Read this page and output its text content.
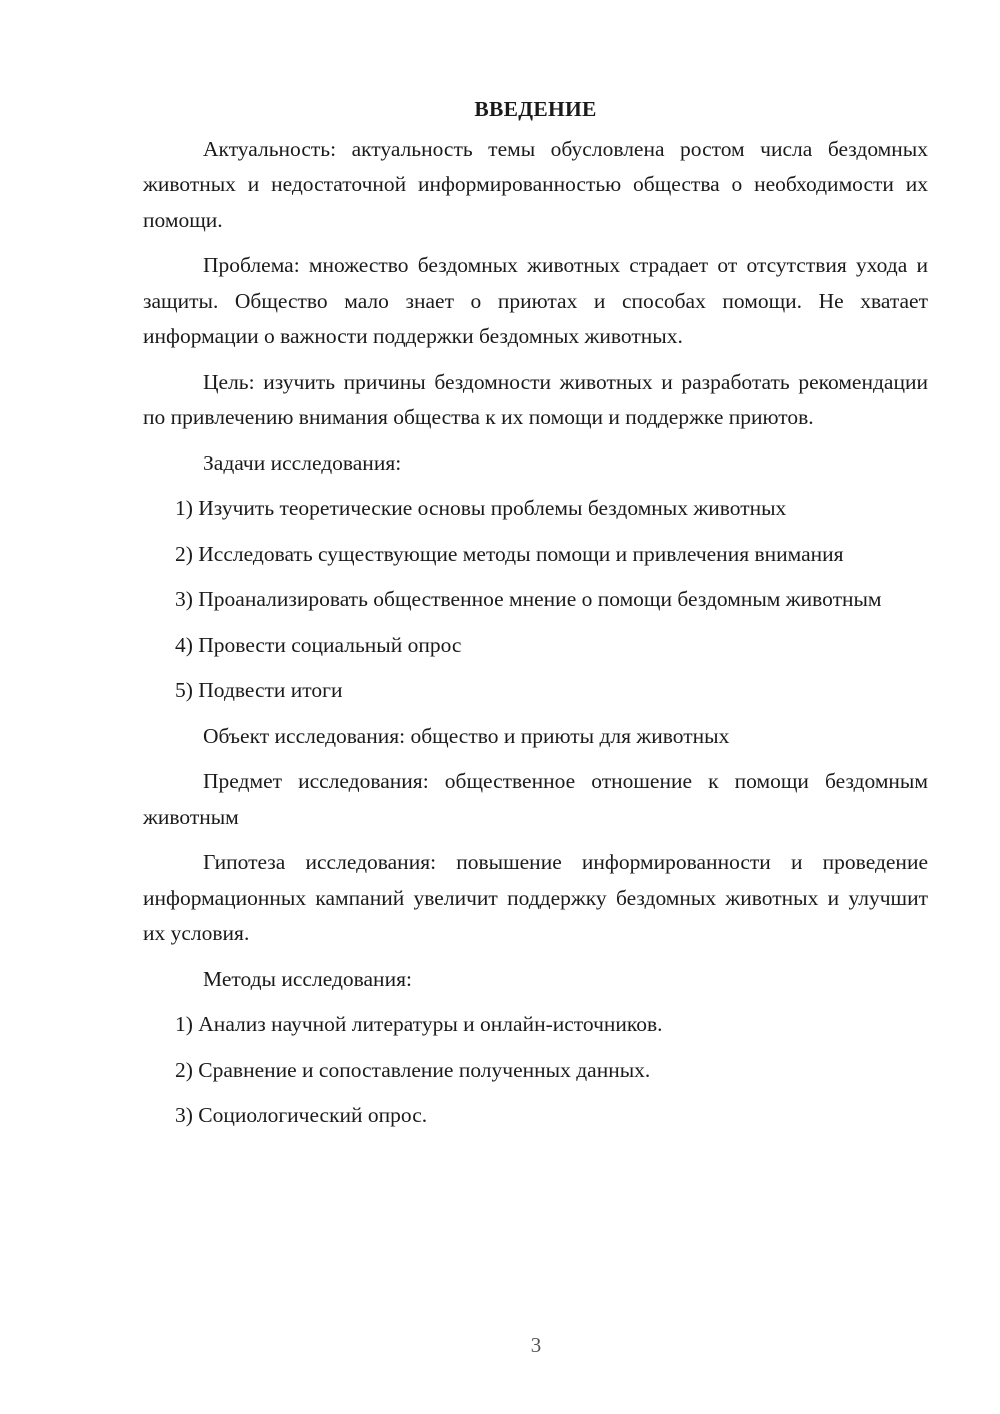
ВВЕДЕНИЕ

Актуальность: актуальность темы обусловлена ростом числа бездомных животных и недостаточной информированностью общества о необходимости их помощи.

Проблема: множество бездомных животных страдает от отсутствия ухода и защиты. Общество мало знает о приютах и способах помощи. Не хватает информации о важности поддержки бездомных животных.

Цель: изучить причины бездомности животных и разработать рекомендации по привлечению внимания общества к их помощи и поддержке приютов.

Задачи исследования:

1) Изучить теоретические основы проблемы бездомных животных

2) Исследовать существующие методы помощи и привлечения внимания

3) Проанализировать общественное мнение о помощи бездомным животным

4) Провести социальный опрос

5) Подвести итоги

Объект исследования: общество и приюты для животных

Предмет исследования: общественное отношение к помощи бездомным животным

Гипотеза исследования: повышение информированности и проведение информационных кампаний увеличит поддержку бездомных животных и улучшит их условия.

Методы исследования:

1) Анализ научной литературы и онлайн-источников.

2) Сравнение и сопоставление полученных данных.

3) Социологический опрос.

3
